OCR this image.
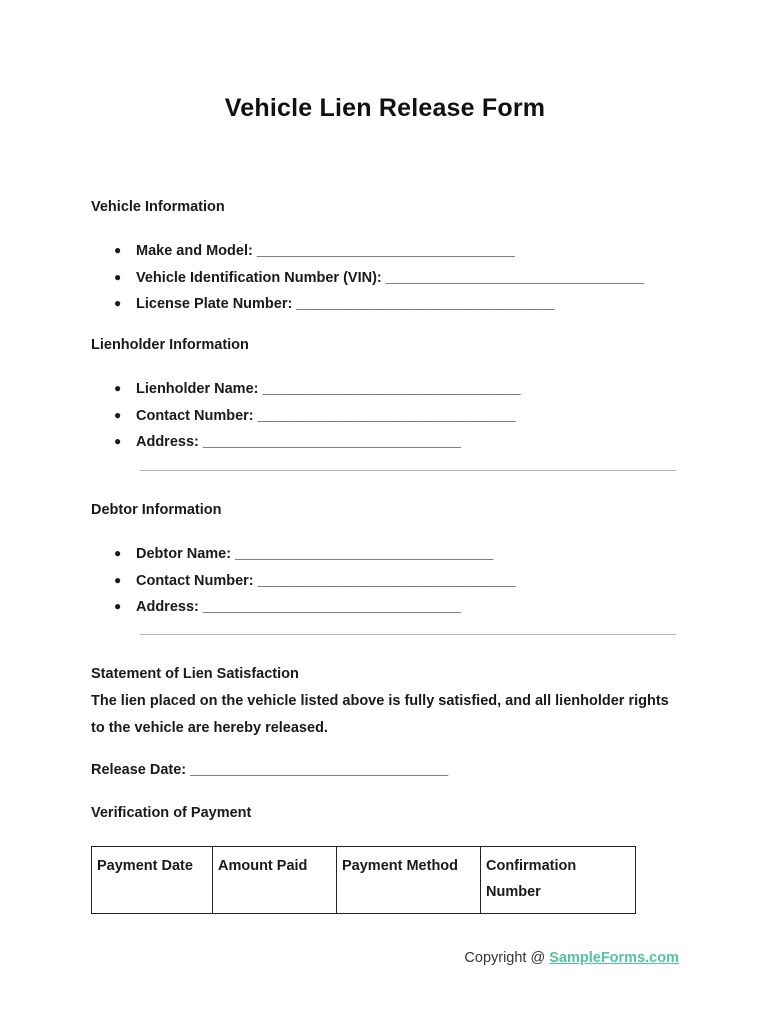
Vehicle Lien Release Form
Vehicle Information
● Make and Model: ________________________________
● Vehicle Identification Number (VIN): ________________________________
● License Plate Number: ________________________________
Lienholder Information
● Lienholder Name: ________________________________
● Contact Number: ________________________________
● Address: ________________________________
Debtor Information
● Debtor Name: ________________________________
● Contact Number: ________________________________
● Address: ________________________________
Statement of Lien Satisfaction
The lien placed on the vehicle listed above is fully satisfied, and all lienholder rights to the vehicle are hereby released.
Release Date: ________________________________
Verification of Payment
Payment Date	Amount Paid	Payment Method	Confirmation Number
Copyright @ SampleForms.com
